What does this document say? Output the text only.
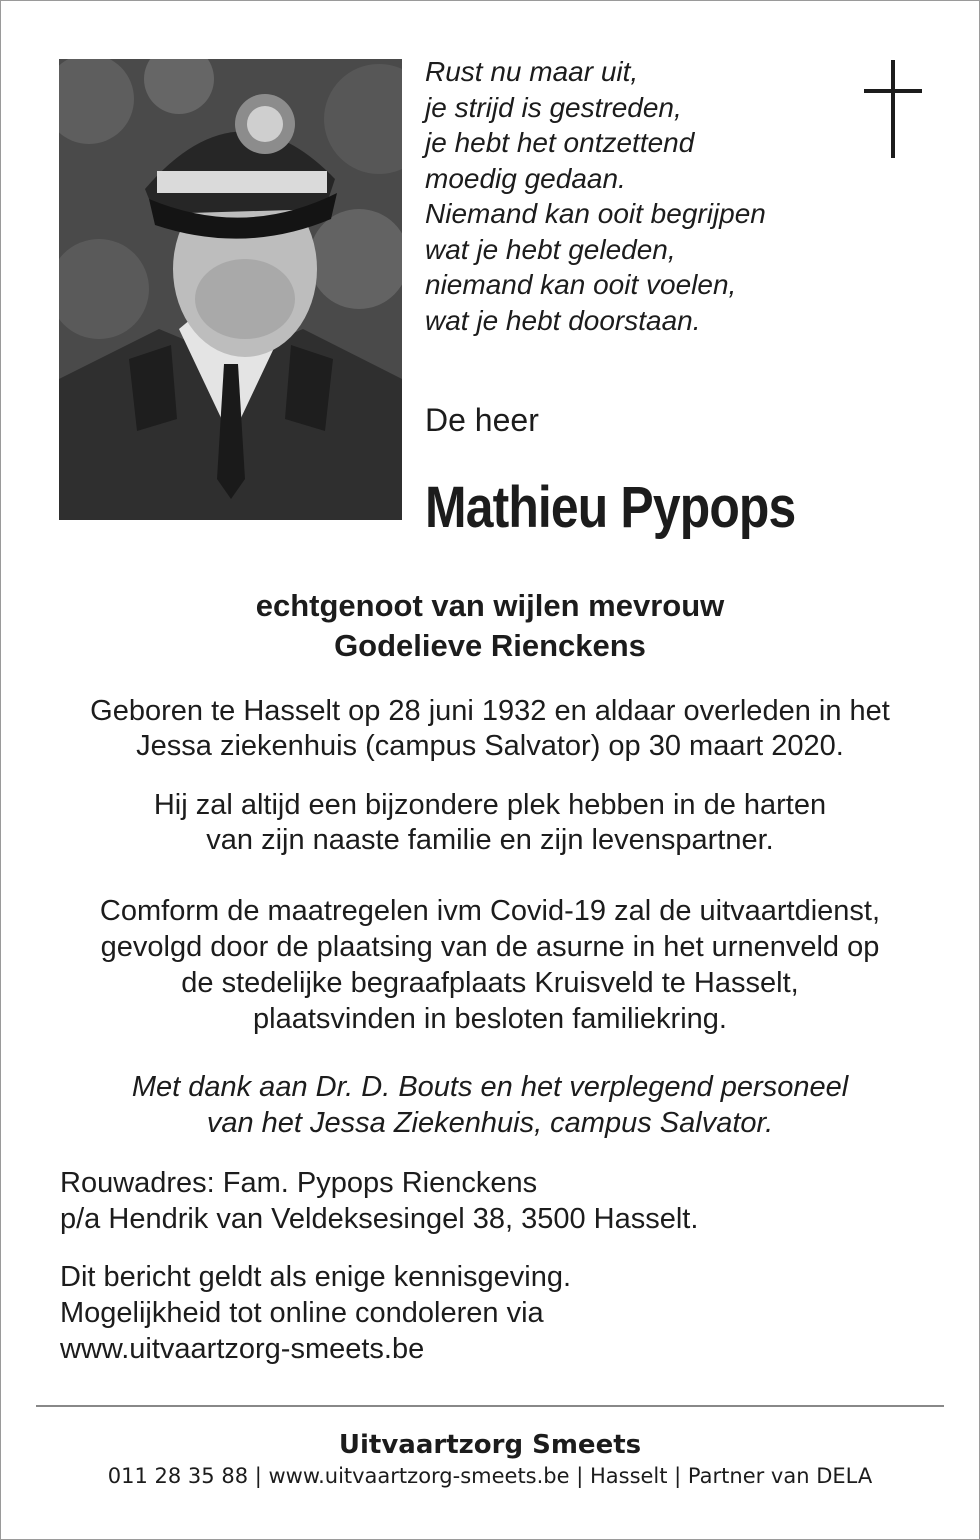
Rust nu maar uit,
je strijd is gestreden,
je hebt het ontzettend
moedig gedaan.
Niemand kan ooit begrijpen
wat je hebt geleden,
niemand kan ooit voelen,
wat je hebt doorstaan.
De heer
Mathieu Pypops
echtgenoot van wijlen mevrouw
Godelieve Rienckens
Geboren te Hasselt op 28 juni 1932 en aldaar overleden in het
Jessa ziekenhuis (campus Salvator) op 30 maart 2020.
Hij zal altijd een bijzondere plek hebben in de harten
van zijn naaste familie en zijn levenspartner.
Comform de maatregelen ivm Covid-19 zal de uitvaartdienst,
gevolgd door de plaatsing van de asurne in het urnenveld op
de stedelijke begraafplaats Kruisveld te Hasselt,
plaatsvinden in besloten familiekring.
Met dank aan Dr. D. Bouts en het verplegend personeel
van het Jessa Ziekenhuis, campus Salvator.
Rouwadres: Fam. Pypops Rienckens
p/a Hendrik van Veldeksesingel 38, 3500 Hasselt.
Dit bericht geldt als enige kennisgeving.
Mogelijkheid tot online condoleren via
www.uitvaartzorg-smeets.be
Uitvaartzorg Smeets
011 28 35 88 | www.uitvaartzorg-smeets.be | Hasselt | Partner van DELA
